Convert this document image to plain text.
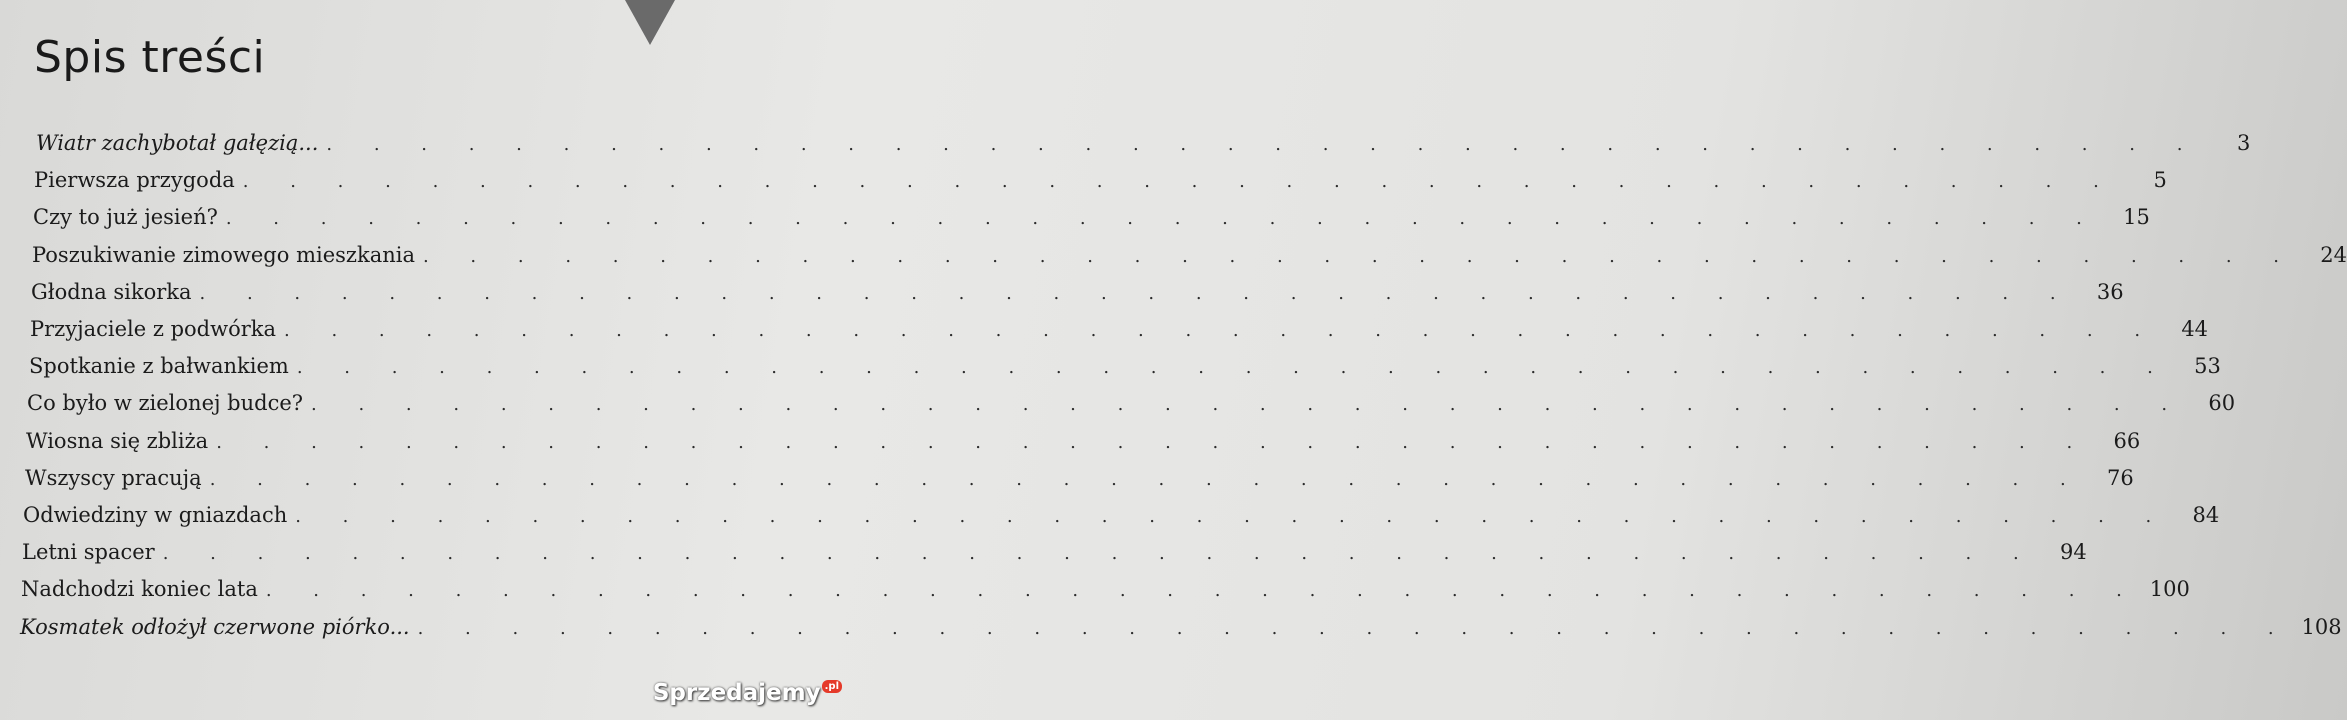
Spis treści
Wiatr zachybotał gałęzią... . . . . . . . . . . . . . . . . . . . . . . . . . . . . . . . . . . . . . . . .	3
Pierwsza przygoda . . . . . . . . . . . . . . . . . . . . . . . . . . . . . . . . . . . . . . . .	5
Czy to już jesień? . . . . . . . . . . . . . . . . . . . . . . . . . . . . . . . . . . . . . . . .	15
Poszukiwanie zimowego mieszkania . . . . . . . . . . . . . . . . . . . . . . . . . . . . . . . . . . . . . . . .	24
Głodna sikorka . . . . . . . . . . . . . . . . . . . . . . . . . . . . . . . . . . . . . . . .	36
Przyjaciele z podwórka . . . . . . . . . . . . . . . . . . . . . . . . . . . . . . . . . . . . . . . .	44
Spotkanie z bałwankiem . . . . . . . . . . . . . . . . . . . . . . . . . . . . . . . . . . . . . . . .	53
Co było w zielonej budce? . . . . . . . . . . . . . . . . . . . . . . . . . . . . . . . . . . . . . . . .	60
Wiosna się zbliża . . . . . . . . . . . . . . . . . . . . . . . . . . . . . . . . . . . . . . . .	66
Wszyscy pracują . . . . . . . . . . . . . . . . . . . . . . . . . . . . . . . . . . . . . . . .	76
Odwiedziny w gniazdach . . . . . . . . . . . . . . . . . . . . . . . . . . . . . . . . . . . . . . . .	84
Letni spacer . . . . . . . . . . . . . . . . . . . . . . . . . . . . . . . . . . . . . . . .	94
Nadchodzi koniec lata . . . . . . . . . . . . . . . . . . . . . . . . . . . . . . . . . . . . . . . . 100
Kosmatek odłożył czerwone piórko... . . . . . . . . . . . . . . . . . . . . . . . . . . . . . . . . . . . . . . . . 108
Sprzedajemy .pl
